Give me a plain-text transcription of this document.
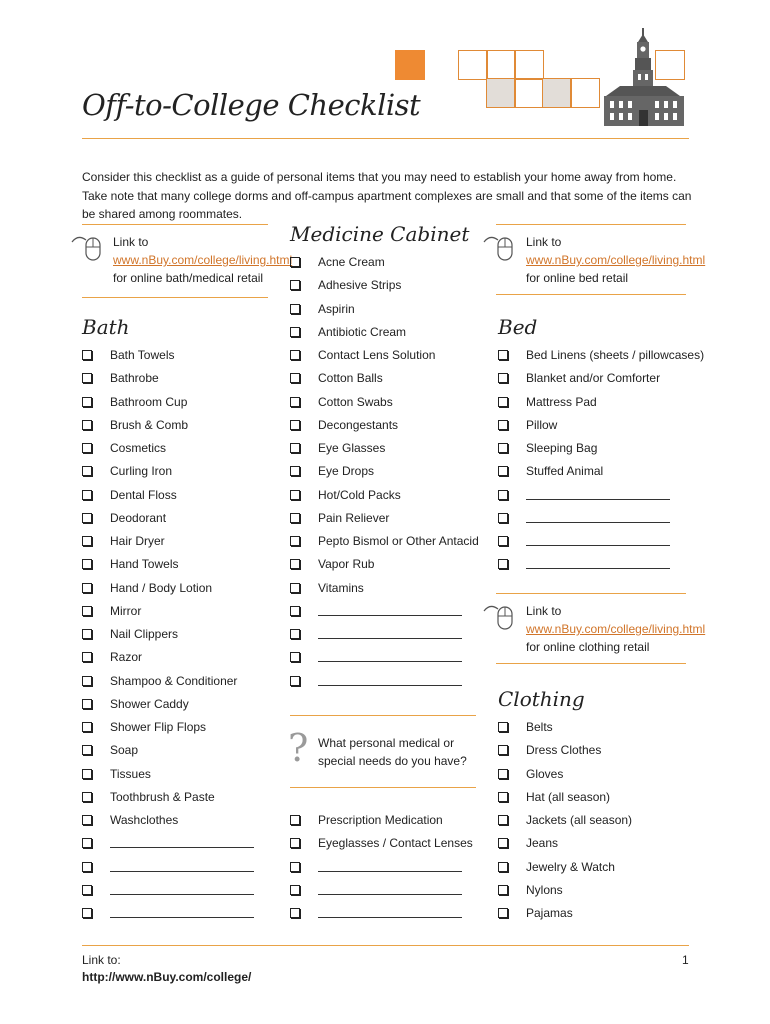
Off-to-College Checklist
Consider this checklist as a guide of personal items that you may need to establish your home away from home. Take note that many college dorms and off-campus apartment complexes are small and that some of the items can be shared among roommates.
Link to
www.nBuy.com/college/living.html
for online bath/medical retail
Link to
www.nBuy.com/college/living.html
for online bed retail
Medicine Cabinet
Bath	Bed
Bath Towels
Bathrobe
Bathroom Cup
Brush & Comb
Cosmetics
Curling Iron
Dental Floss
Deodorant
Hair Dryer
Hand Towels
Hand / Body Lotion
Mirror
Nail Clippers
Razor
Shampoo & Conditioner
Shower Caddy
Shower Flip Flops
Soap
Tissues
Toothbrush & Paste
Washclothes
Acne Cream
Adhesive Strips
Aspirin
Antibiotic Cream
Contact Lens Solution
Cotton Balls
Cotton Swabs
Decongestants
Eye Glasses
Eye Drops
Hot/Cold Packs
Pain Reliever
Pepto Bismol or Other Antacid
Vapor Rub
Vitamins
Prescription Medication
Eyeglasses / Contact Lenses
Bed Linens (sheets / pillowcases)
Blanket and/or Comforter
Mattress Pad
Pillow
Sleeping Bag
Stuffed Animal
? What personal medical or special needs do you have?
Link to
www.nBuy.com/college/living.html
for online clothing retail
Clothing
Belts
Dress Clothes
Gloves
Hat (all season)
Jackets (all season)
Jeans
Jewelry & Watch
Nylons
Pajamas
Link to:
http://www.nBuy.com/college/
1
